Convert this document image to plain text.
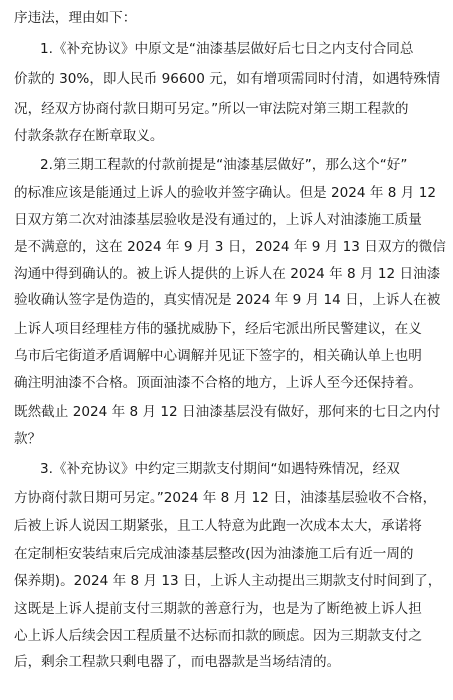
序违法，理由如下：
1.《补充协议》中原文是“油漆基层做好后七日之内支付合同总
价款的 30%，即人民币 96600 元，如有增项需同时付清，如遇特殊情
况，经双方协商付款日期可另定。”所以一审法院对第三期工程款的
付款条款存在断章取义。
2.第三期工程款的付款前提是“油漆基层做好”，那么这个“好”
的标准应该是能通过上诉人的验收并签字确认。但是 2024 年 8 月 12
日双方第二次对油漆基层验收是没有通过的，上诉人对油漆施工质量
是不满意的，这在 2024 年 9 月 3 日，2024 年 9 月 13 日双方的微信
沟通中得到确认的。被上诉人提供的上诉人在 2024 年 8 月 12 日油漆
验收确认签字是伪造的，真实情况是 2024 年 9 月 14 日，上诉人在被
上诉人项目经理桂方伟的骚扰威胁下，经后宅派出所民警建议，在义
乌市后宅街道矛盾调解中心调解并见证下签字的，相关确认单上也明
确注明油漆不合格。顶面油漆不合格的地方，上诉人至今还保持着。
既然截止 2024 年 8 月 12 日油漆基层没有做好，那何来的七日之内付
款？
3.《补充协议》中约定三期款支付期间“如遇特殊情况，经双
方协商付款日期可另定。”2024 年 8 月 12 日，油漆基层验收不合格，
后被上诉人说因工期紧张，且工人特意为此跑一次成本太大，承诺将
在定制柜安装结束后完成油漆基层整改(因为油漆施工后有近一周的
保养期)。2024 年 8 月 13 日，上诉人主动提出三期款支付时间到了，
这既是上诉人提前支付三期款的善意行为，也是为了断绝被上诉人担
心上诉人后续会因工程质量不达标而扣款的顾虑。因为三期款支付之
后，剩余工程款只剩电器了，而电器款是当场结清的。
